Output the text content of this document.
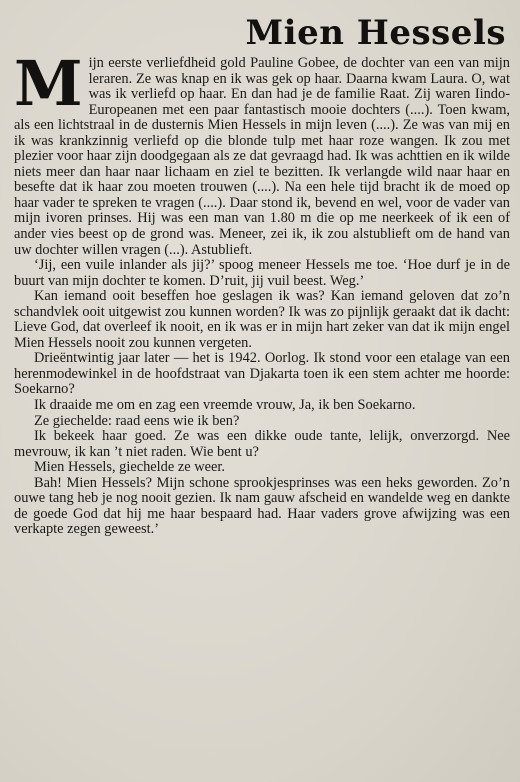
Mien Hessels

Mijn eerste verliefdheid gold Pauline Gobee, de dochter van een van mijn leraren. Ze was knap en ik was gek op haar. Daarna kwam Laura. O, wat was ik verliefd op haar. En dan had je de familie Raat. Zij waren Iindo-Europeanen met een paar fantastisch mooie dochters (....). Toen kwam, als een lichtstraal in de dusternis Mien Hessels in mijn leven (....). Ze was van mij en ik was krankzinnig verliefd op die blonde tulp met haar roze wangen. Ik zou met plezier voor haar zijn doodgegaan als ze dat gevraagd had. Ik was achttien en ik wilde niets meer dan haar naar lichaam en ziel te bezitten. Ik verlangde wild naar haar en besefte dat ik haar zou moeten trouwen (....). Na een hele tijd bracht ik de moed op haar vader te spreken te vragen (....). Daar stond ik, bevend en wel, voor de vader van mijn ivoren prinses. Hij was een man van 1.80 m die op me neerkeek of ik een of ander vies beest op de grond was. Meneer, zei ik, ik zou alstublieft om de hand van uw dochter willen vragen (...). Astublieft.

‘Jij, een vuile inlander als jij?’ spoog meneer Hessels me toe. ‘Hoe durf je in de buurt van mijn dochter te komen. D’ruit, jij vuil beest. Weg.’

Kan iemand ooit beseffen hoe geslagen ik was? Kan iemand geloven dat zo’n schandvlek ooit uitgewist zou kunnen worden? Ik was zo pijnlijk geraakt dat ik dacht: Lieve God, dat overleef ik nooit, en ik was er in mijn hart zeker van dat ik mijn engel Mien Hessels nooit zou kunnen vergeten.

Drieëntwintig jaar later — het is 1942. Oorlog. Ik stond voor een etalage van een herenmodewinkel in de hoofdstraat van Djakarta toen ik een stem achter me hoorde: Soekarno?

Ik draaide me om en zag een vreemde vrouw, Ja, ik ben Soekarno.

Ze giechelde: raad eens wie ik ben?

Ik bekeek haar goed. Ze was een dikke oude tante, lelijk, onverzorgd. Nee mevrouw, ik kan ’t niet raden. Wie bent u?

Mien Hessels, giechelde ze weer.

Bah! Mien Hessels? Mijn schone sprookjesprinses was een heks geworden. Zo’n ouwe tang heb je nog nooit gezien. Ik nam gauw afscheid en wandelde weg en dankte de goede God dat hij me haar bespaard had. Haar vaders grove afwijzing was een verkapte zegen geweest.’
